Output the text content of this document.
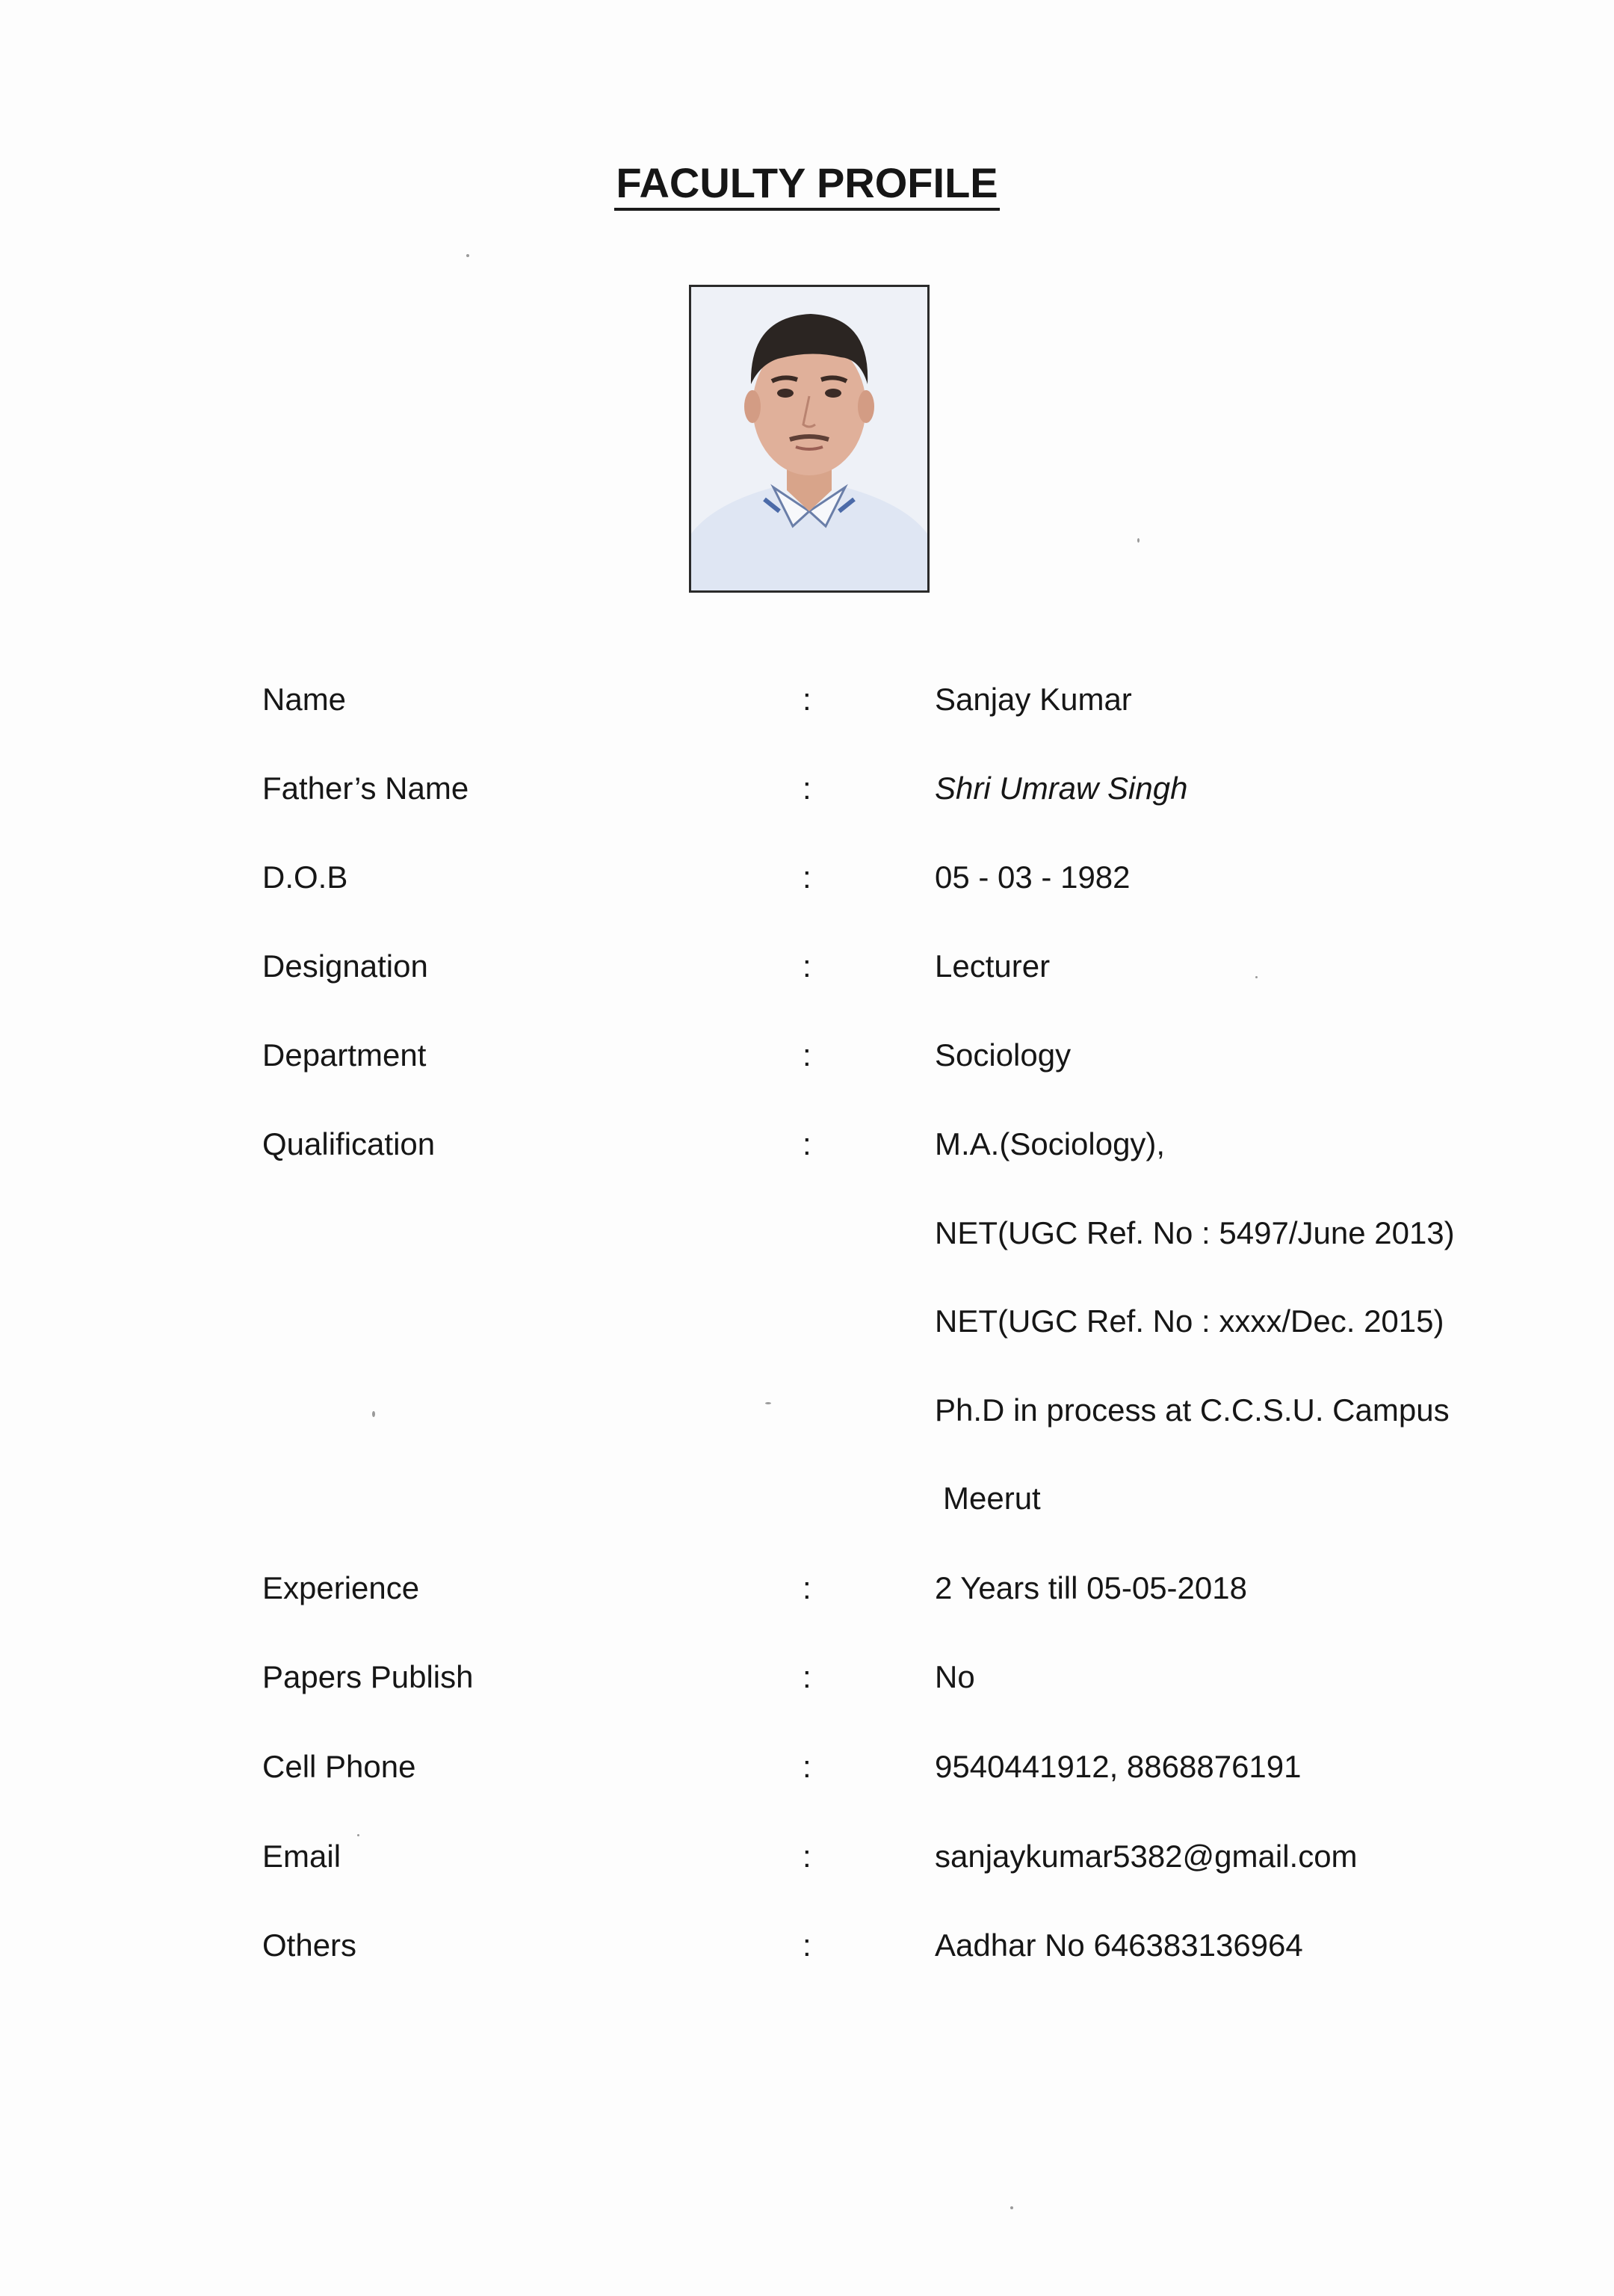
FACULTY PROFILE
Name	:	Sanjay Kumar
Father’s Name	:	Shri Umraw Singh
D.O.B	:	05 - 03 - 1982
Designation	:	Lecturer
Department	:	Sociology
Qualification	:	M.A.(Sociology),
NET(UGC Ref. No : 5497/June 2013)
NET(UGC Ref. No : xxxx/Dec. 2015)
Ph.D in process at C.C.S.U. Campus
Meerut
Experience	:	2 Years till 05-05-2018
Papers Publish	:	No
Cell Phone	:	9540441912, 8868876191
Email	:	sanjaykumar5382@gmail.com
Others	:	Aadhar No 646383136964
